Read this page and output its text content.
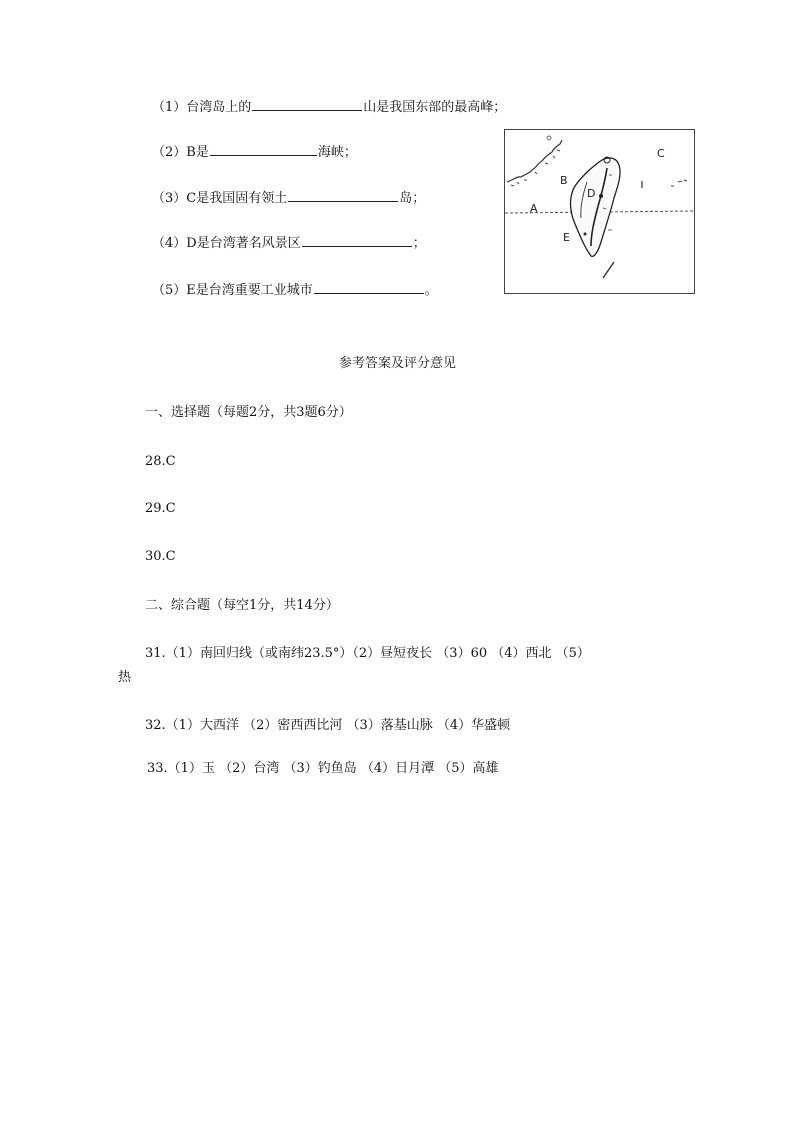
（1）台湾岛上的	山是我国东部的最高峰；
（2）B是	海峡；
（3）C是我国固有领土	岛；
（4）D是台湾著名风景区	；
（5）E是台湾重要工业城市	。
C
B
D
A
E
参考答案及评分意见
一、选择题（每题2分，共3题6分）
28.C
29.C
30.C
二、综合题（每空1分，共14分）
31.（1）南回归线（或南纬23.5°）（2）昼短夜长 （3）60 （4）西北 （5）
热
32.（1）大西洋 （2）密西西比河 （3）落基山脉 （4）华盛顿
33.（1）玉 （2）台湾 （3）钓鱼岛 （4）日月潭 （5）高雄
